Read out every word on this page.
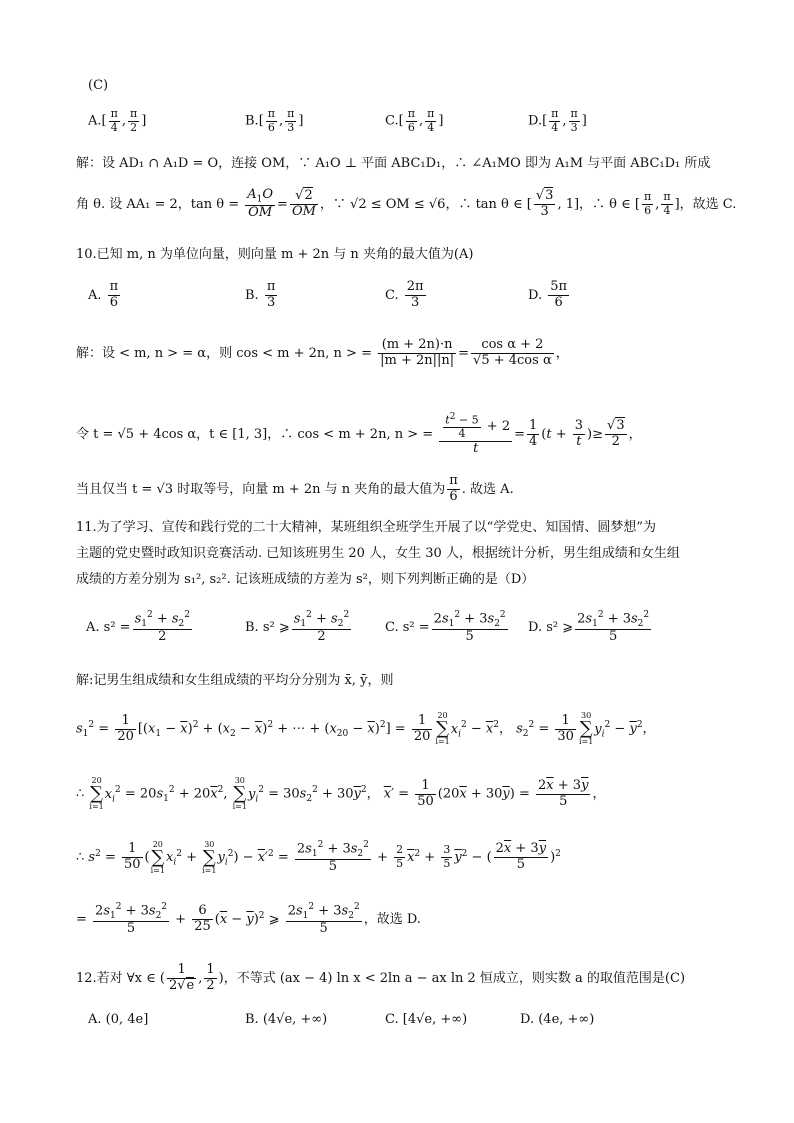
(C)
$A.[ \frac{\pi}{4}$ , $\frac{\pi}{2}$ ]	$B.[ \frac{\pi}{6}$ , $\frac{\pi}{3}$ ]	$C.[ \frac{\pi}{6}$ , $\frac{\pi}{4}$ ]	$D.[ \frac{\pi}{4}$ , $\frac{\pi}{3}$ ]
解：设 AD₁ ∩ A₁D = O，连接 OM，∵ A₁O ⊥ 平面 ABC₁D₁，∴ ∠A₁MO 即为 A₁M 与平面 ABC₁D₁ 所成
角 θ. 设 AA₁ = 2，$\tan \theta = \frac{A_1O}{OM} = \frac{√2}{OM}$ ，∵ √2 ≤ OM ≤ √6，∴ tan θ ∈ [ $\frac{√3}{3}$ , 1]，∴ θ ∈ [ $\frac{\pi}{6}$ , $\frac{\pi}{4}$ ]，故选 C.
10.已知 m, n 为单位向量，则向量 m + 2n 与 n 夹角的最大值为(A)
A. $\frac{\pi}{6}$	B. $\frac{\pi}{3}$	C. $\frac{2\pi}{3}$	D. $\frac{5\pi}{6}$
解：设 < m, n > = α，则 cos < m + 2n, n > = $\frac{(m + 2n)\cdot n}{|m + 2n||n|} = \frac{\text{cos α + 2}}{\text{√5 + 4cos α}}$ ，
令 t = √5 + 4cos α，t ∈ [1, 3]，∴ cos < m + 2n, n > = $\frac{\frac{t^2 - 5}{4} + 2}{t} = \frac{1}{4} (t + \frac{3}{t}$ )≥ $\frac{√3}{2}$ ，
当且仅当 t = √3 时取等号，向量 m + 2n 与 n 夹角的最大值为 $\frac{\pi}{6}$ . 故选 A.
11.为了学习、宣传和践行党的二十大精神，某班组织全班学生开展了以“学党史、知国情、圆梦想”为
主题的党史暨时政知识竞赛活动. 已知该班男生 20 人，女生 30 人，根据统计分析，男生组成绩和女生组
成绩的方差分别为 s₁², s₂². 记该班成绩的方差为 s²，则下列判断正确的是（D）
A. $s^2 = \frac{s_1^2 + s_2^2}{2}$	B. s² ⩾ $\frac{s_1^2 + s_2^2}{2}$	C. $s^2 = \frac{2s_1^2 + 3s_2^2}{5} D$. s² ⩾ $\frac{2s_1^2 + 3s_2^2}{5}$
解:记男生组成绩和女生组成绩的平均分分别为 x̄, ȳ，则
$s_1^2 = \frac{1}{20} [(x_1 - \overline{x})^2 + (x_2 - \overline{x})^2$ + ⋯ + $(x_{20} - \overline{x})^2] = \frac{1}{20} 20$
∑
i=1
$x_i^2 - \overline{x}^2$， $s_2^2 = \frac{1}{30} 30$
∑
i=1
$y_i^2 - \overline{y}^2$，
∴
20
∑
i=1
$x_i^2 = 20s_1^2 + 20\overline{x}^2$,
30
∑
i=1
$y_i^2 = 30s_2^2 + 30\overline{y}^2$， $\overline{x}' = \frac{1}{50} (20\overline{x} + 30\overline{y}) = \frac{2\overline{x} + 3\overline{y}}{5}$ ，
∴ $s^2 = \frac{1}{50}$ (
20
∑
i=1
$x_i^2$ +
30
∑
i=1
$y_i^2) - \overline{x}'^2 = \frac{2s_1^2 + 3s_2^2}{5} + \frac{2}{5} \overline{x}^2 + \frac{3}{5} \overline{y}^2$ − ( $\frac{2\overline{x} + 3\overline{y}}{5} )^2$
= $\frac{2s_1^2 + 3s_2^2}{5} + \frac{6}{25} (\overline{x} - \overline{y})^2$ ⩾ $\frac{2s_1^2 + 3s_2^2}{5}$ ，故选 D.
12.若对 ∀x ∈ ( $\frac{1}{2√e}$ , $\frac{1}{2}$ )，不等式 (ax − 4) ln x < 2ln a − ax ln 2 恒成立，则实数 a 的取值范围是(C)
A. (0, 4e]	B. (4√e, +∞)	C. [4√e, +∞)	D. (4e, +∞)
